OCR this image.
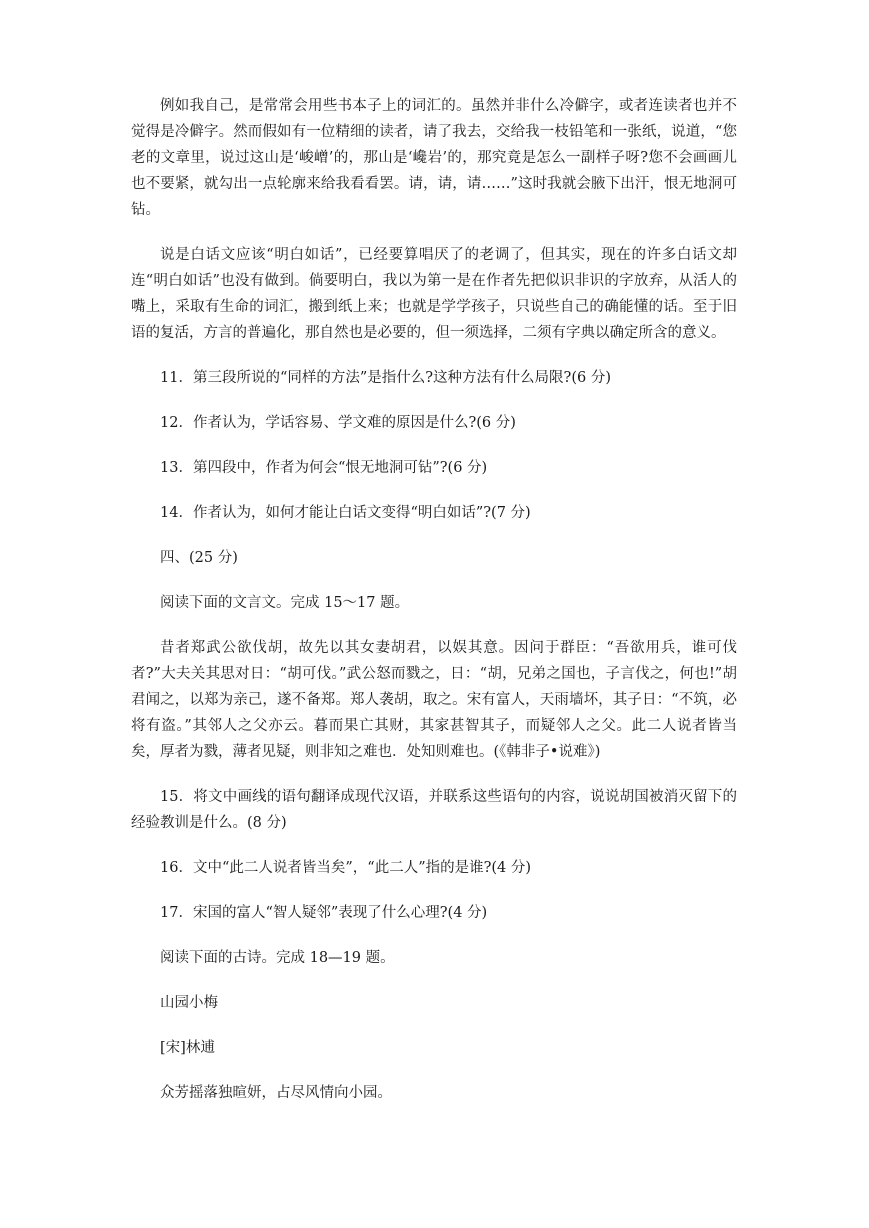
例如我自己，是常常会用些书本子上的词汇的。虽然并非什么冷僻字，或者连读者也并不觉得是冷僻字。然而假如有一位精细的读者，请了我去，交给我一枝铅笔和一张纸，说道，“您老的文章里，说过这山是‘峻嶒’的，那山是‘巉岩’的，那究竟是怎么一副样子呀?您不会画画儿也不要紧，就勾出一点轮廓来给我看看罢。请，请，请……”这时我就会腋下出汗，恨无地洞可钻。

说是白话文应该“明白如话”，已经要算唱厌了的老调了，但其实，现在的许多白话文却连“明白如话”也没有做到。倘要明白，我以为第一是在作者先把似识非识的字放弃，从活人的嘴上，采取有生命的词汇，搬到纸上来；也就是学学孩子，只说些自己的确能懂的话。至于旧语的复活，方言的普遍化，那自然也是必要的，但一须选择，二须有字典以确定所含的意义。

11．第三段所说的“同样的方法”是指什么?这种方法有什么局限?(6 分)

12．作者认为，学话容易、学文难的原因是什么?(6 分)

13．第四段中，作者为何会“恨无地洞可钻”?(6 分)

14．作者认为，如何才能让白话文变得“明白如话”?(7 分)

四、(25 分)

阅读下面的文言文。完成 15～17 题。

昔者郑武公欲伐胡，故先以其女妻胡君，以娱其意。因问于群臣：“吾欲用兵，谁可伐者?”大夫关其思对日：“胡可伐。”武公怒而戮之，日：“胡，兄弟之国也，子言伐之，何也!”胡君闻之，以郑为亲己，遂不备郑。郑人袭胡，取之。宋有富人，天雨墙坏，其子日：“不筑，必将有盗。”其邻人之父亦云。暮而果亡其财，其家甚智其子，而疑邻人之父。此二人说者皆当矣，厚者为戮，薄者见疑，则非知之难也．处知则难也。(《韩非子•说难》)

15．将文中画线的语句翻译成现代汉语，并联系这些语句的内容，说说胡国被消灭留下的经验教训是什么。(8 分)

16．文中“此二人说者皆当矣”，“此二人”指的是谁?(4 分)

17．宋国的富人“智人疑邻”表现了什么心理?(4 分)

阅读下面的古诗。完成 18—19 题。

山园小梅

[宋]林逋

众芳摇落独暄妍，占尽风情向小园。
